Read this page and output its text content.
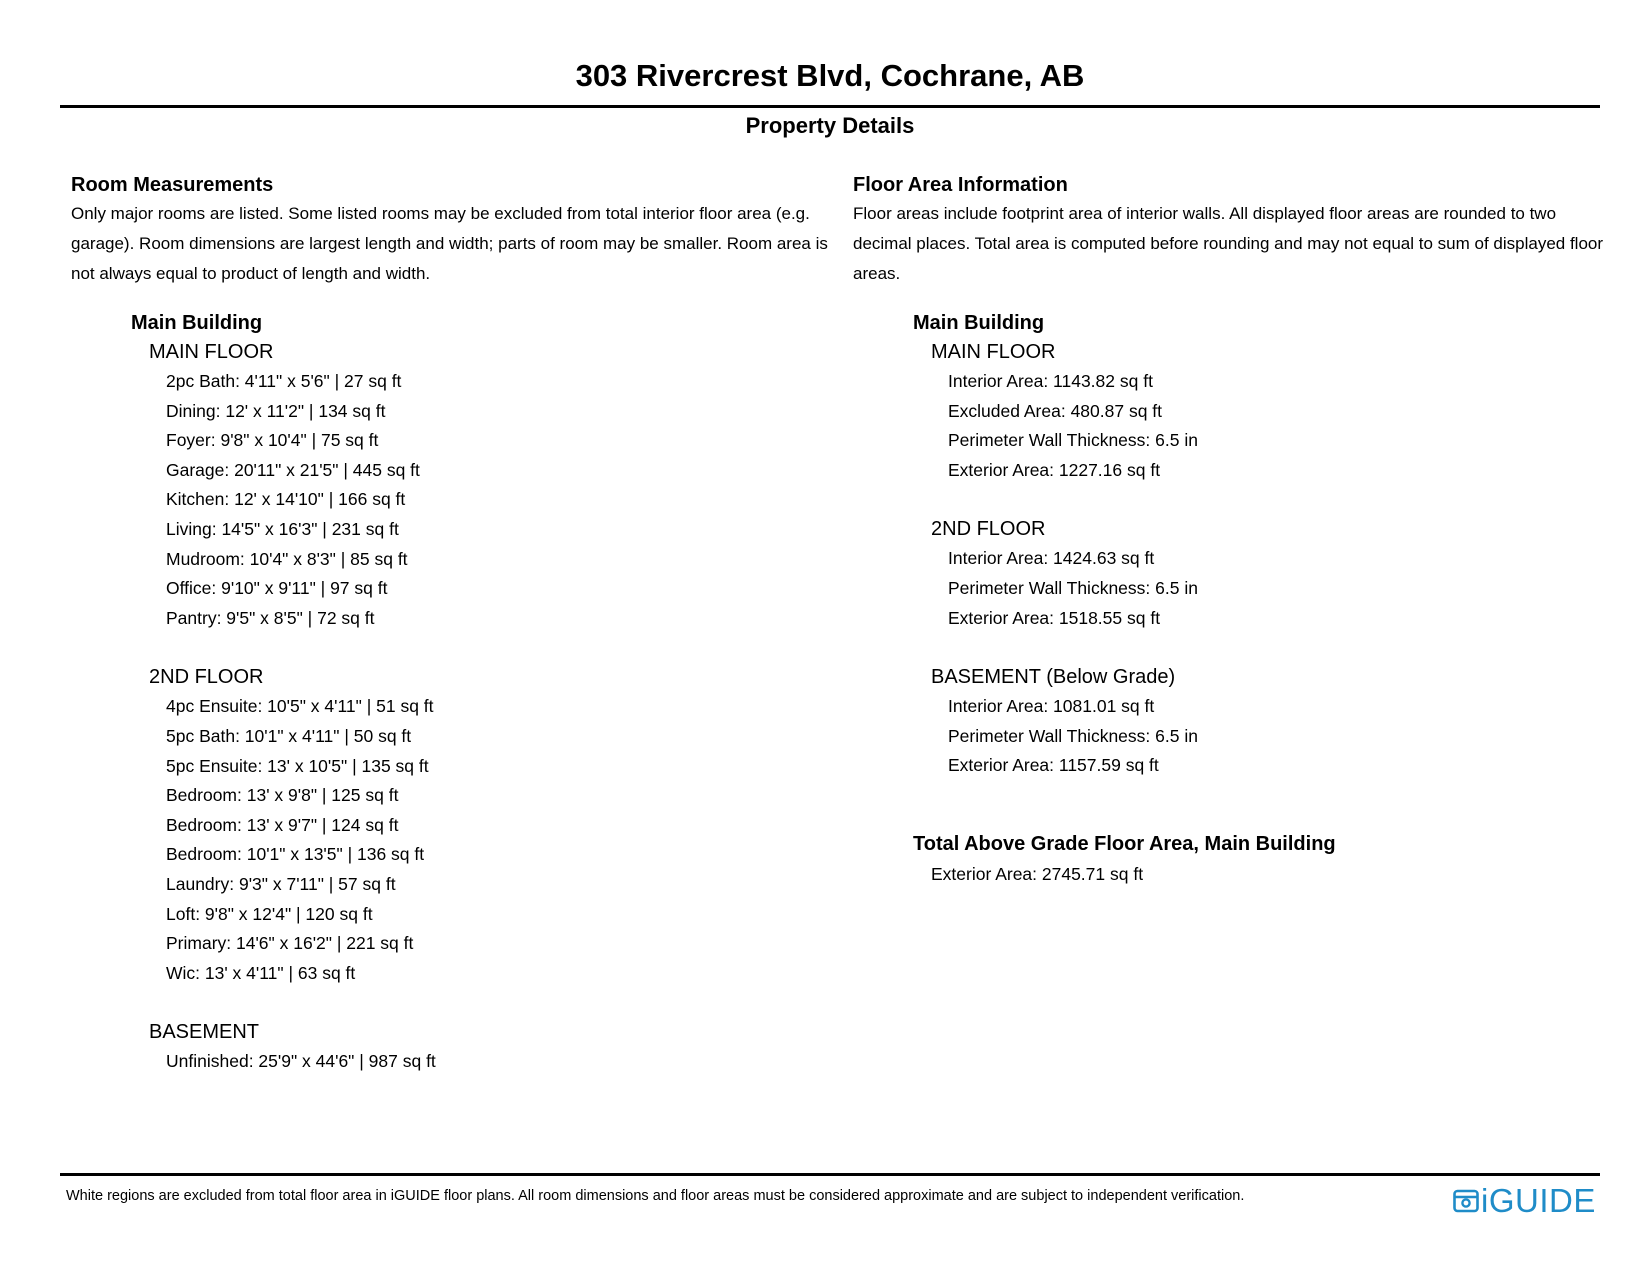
303 Rivercrest Blvd, Cochrane, AB
Property Details

Room Measurements

Only major rooms are listed. Some listed rooms may be excluded from total interior floor area (e.g. garage). Room dimensions are largest length and width; parts of room may be smaller. Room area is not always equal to product of length and width.

Main Building
MAIN FLOOR
2pc Bath: 4'11" x 5'6" | 27 sq ft
Dining: 12' x 11'2" | 134 sq ft
Foyer: 9'8" x 10'4" | 75 sq ft
Garage: 20'11" x 21'5" | 445 sq ft
Kitchen: 12' x 14'10" | 166 sq ft
Living: 14'5" x 16'3" | 231 sq ft
Mudroom: 10'4" x 8'3" | 85 sq ft
Office: 9'10" x 9'11" | 97 sq ft
Pantry: 9'5" x 8'5" | 72 sq ft
2ND FLOOR
4pc Ensuite: 10'5" x 4'11" | 51 sq ft
5pc Bath: 10'1" x 4'11" | 50 sq ft
5pc Ensuite: 13' x 10'5" | 135 sq ft
Bedroom: 13' x 9'8" | 125 sq ft
Bedroom: 13' x 9'7" | 124 sq ft
Bedroom: 10'1" x 13'5" | 136 sq ft
Laundry: 9'3" x 7'11" | 57 sq ft
Loft: 9'8" x 12'4" | 120 sq ft
Primary: 14'6" x 16'2" | 221 sq ft
Wic: 13' x 4'11" | 63 sq ft
BASEMENT
Unfinished: 25'9" x 44'6" | 987 sq ft

Floor Area Information

Floor areas include footprint area of interior walls. All displayed floor areas are rounded to two decimal places. Total area is computed before rounding and may not equal to sum of displayed floor areas.

Main Building
MAIN FLOOR
Interior Area: 1143.82 sq ft
Excluded Area: 480.87 sq ft
Perimeter Wall Thickness: 6.5 in
Exterior Area: 1227.16 sq ft
2ND FLOOR
Interior Area: 1424.63 sq ft
Perimeter Wall Thickness: 6.5 in
Exterior Area: 1518.55 sq ft
BASEMENT (Below Grade)
Interior Area: 1081.01 sq ft
Perimeter Wall Thickness: 6.5 in
Exterior Area: 1157.59 sq ft
Total Above Grade Floor Area, Main Building
Exterior Area: 2745.71 sq ft
White regions are excluded from total floor area in iGUIDE floor plans. All room dimensions and floor areas must be considered approximate and are subject to independent verification.	iGUIDE
